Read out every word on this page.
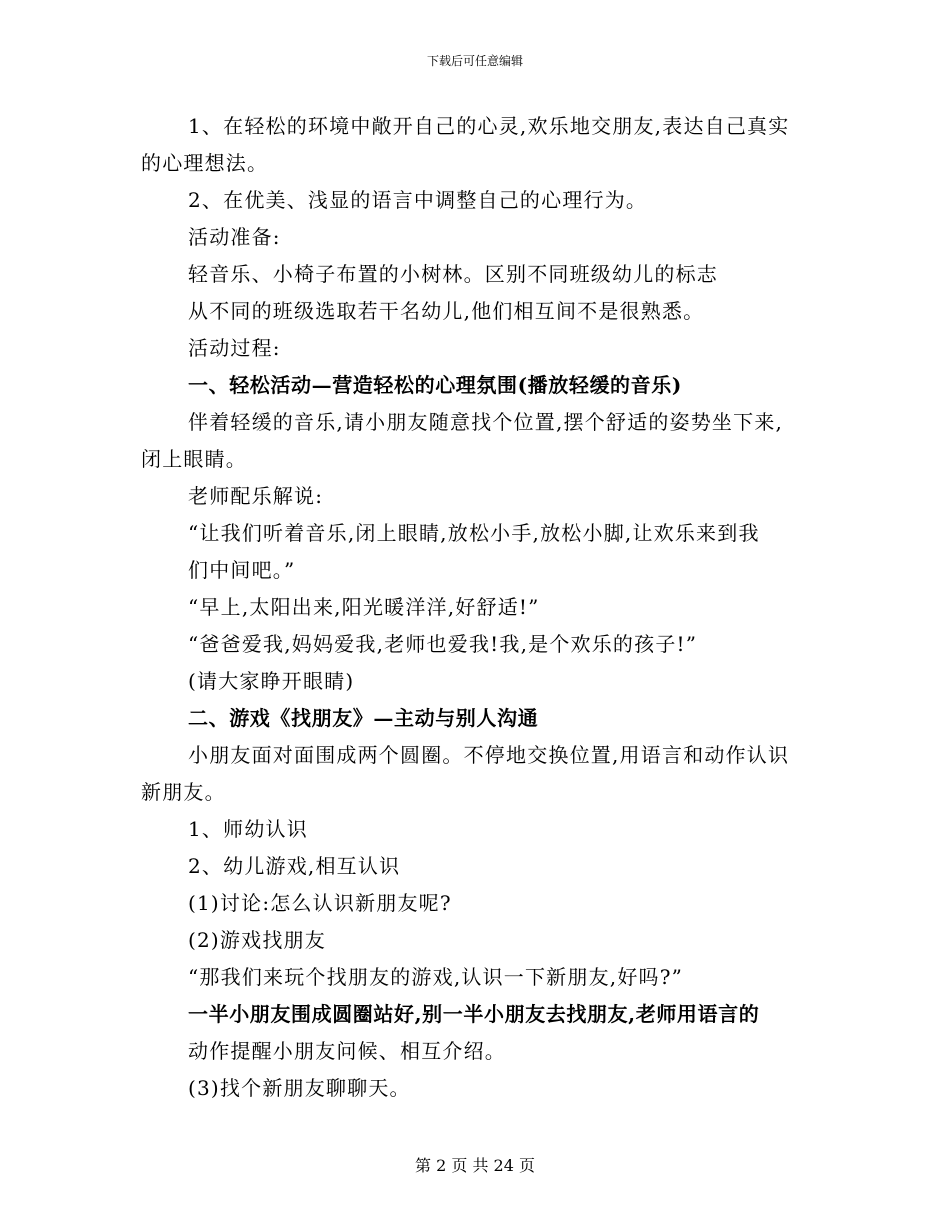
下载后可任意编辑
1、在轻松的环境中敞开自己的心灵,欢乐地交朋友,表达自己真实
的心理想法。
2、在优美、浅显的语言中调整自己的心理行为。
活动准备:
轻音乐、小椅子布置的小树林。区别不同班级幼儿的标志
从不同的班级选取若干名幼儿,他们相互间不是很熟悉。
活动过程:
一、轻松活动—营造轻松的心理氛围(播放轻缓的音乐)
伴着轻缓的音乐,请小朋友随意找个位置,摆个舒适的姿势坐下来,
闭上眼睛。
老师配乐解说:
“让我们听着音乐,闭上眼睛,放松小手,放松小脚,让欢乐来到我
们中间吧。”
“早上,太阳出来,阳光暖洋洋,好舒适!”
“爸爸爱我,妈妈爱我,老师也爱我!我,是个欢乐的孩子!”
(请大家睁开眼睛)
二、游戏《找朋友》—主动与别人沟通
小朋友面对面围成两个圆圈。不停地交换位置,用语言和动作认识
新朋友。
1、师幼认识
2、幼儿游戏,相互认识
(1)讨论:怎么认识新朋友呢?
(2)游戏找朋友
“那我们来玩个找朋友的游戏,认识一下新朋友,好吗?”
一半小朋友围成圆圈站好,别一半小朋友去找朋友,老师用语言的
动作提醒小朋友问候、相互介绍。
(3)找个新朋友聊聊天。
第 2 页 共 24 页
